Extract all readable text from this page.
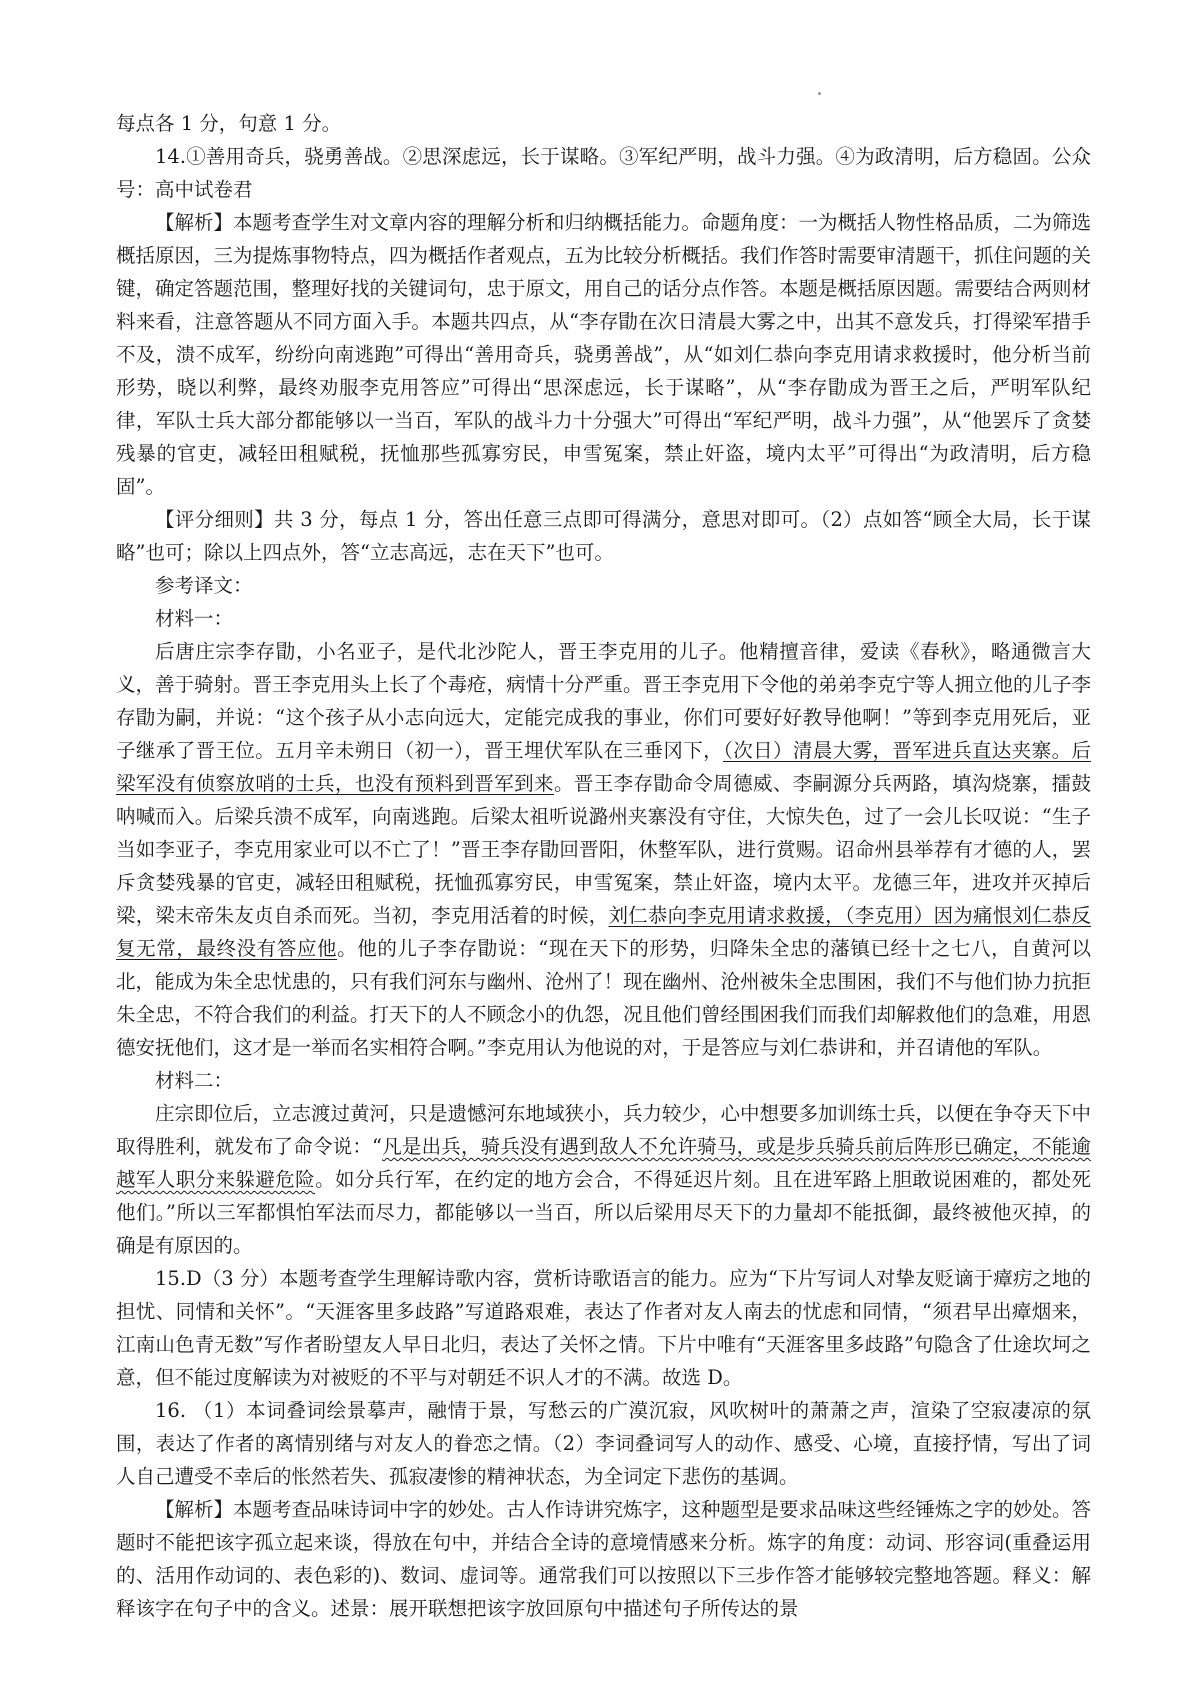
每点各 1 分，句意 1 分。

14.①善用奇兵，骁勇善战。②思深虑远，长于谋略。③军纪严明，战斗力强。④为政清明，后方稳固。公众号：高中试卷君

【解析】本题考查学生对文章内容的理解分析和归纳概括能力。命题角度：一为概括人物性格品质，二为筛选概括原因，三为提炼事物特点，四为概括作者观点，五为比较分析概括。我们作答时需要审清题干，抓住问题的关键，确定答题范围，整理好找的关键词句，忠于原文，用自己的话分点作答。本题是概括原因题。需要结合两则材料来看，注意答题从不同方面入手。本题共四点，从“李存勖在次日清晨大雾之中，出其不意发兵，打得梁军措手不及，溃不成军，纷纷向南逃跑”可得出“善用奇兵，骁勇善战”，从“如刘仁恭向李克用请求救援时，他分析当前形势，晓以利弊，最终劝服李克用答应”可得出“思深虑远，长于谋略”，从“李存勖成为晋王之后，严明军队纪律，军队士兵大部分都能够以一当百，军队的战斗力十分强大”可得出“军纪严明，战斗力强”，从“他罢斥了贪婪残暴的官吏，减轻田租赋税，抚恤那些孤寡穷民，申雪冤案，禁止奸盗，境内太平”可得出“为政清明，后方稳固”。

【评分细则】共 3 分，每点 1 分，答出任意三点即可得满分，意思对即可。（2）点如答“顾全大局，长于谋略”也可；除以上四点外，答“立志高远，志在天下”也可。

参考译文：

材料一：

后唐庄宗李存勖，小名亚子，是代北沙陀人，晋王李克用的儿子。他精擅音律，爱读《春秋》，略通微言大义，善于骑射。晋王李克用头上长了个毒疮，病情十分严重。晋王李克用下令他的弟弟李克宁等人拥立他的儿子李存勖为嗣，并说：“这个孩子从小志向远大，定能完成我的事业，你们可要好好教导他啊！”等到李克用死后，亚子继承了晋王位。五月辛未朔日（初一），晋王埋伏军队在三垂冈下，（次日）清晨大雾，晋军进兵直达夹寨。后梁军没有侦察放哨的士兵，也没有预料到晋军到来。晋王李存勖命令周德威、李嗣源分兵两路，填沟烧寨，擂鼓呐喊而入。后梁兵溃不成军，向南逃跑。后梁太祖听说潞州夹寨没有守住，大惊失色，过了一会儿长叹说：“生子当如李亚子，李克用家业可以不亡了！”晋王李存勖回晋阳，休整军队，进行赏赐。诏命州县举荐有才德的人，罢斥贪婪残暴的官吏，减轻田租赋税，抚恤孤寡穷民，申雪冤案，禁止奸盗，境内太平。龙德三年，进攻并灭掉后梁，梁末帝朱友贞自杀而死。当初，李克用活着的时候，刘仁恭向李克用请求救援，（李克用）因为痛恨刘仁恭反复无常，最终没有答应他。他的儿子李存勖说：“现在天下的形势，归降朱全忠的藩镇已经十之七八，自黄河以北，能成为朱全忠忧患的，只有我们河东与幽州、沧州了！现在幽州、沧州被朱全忠围困，我们不与他们协力抗拒朱全忠，不符合我们的利益。打天下的人不顾念小的仇怨，况且他们曾经围困我们而我们却解救他们的急难，用恩德安抚他们，这才是一举而名实相符合啊。”李克用认为他说的对，于是答应与刘仁恭讲和，并召请他的军队。

材料二：

庄宗即位后，立志渡过黄河，只是遗憾河东地域狭小，兵力较少，心中想要多加训练士兵，以便在争夺天下中取得胜利，就发布了命令说：“凡是出兵，骑兵没有遇到敌人不允许骑马，或是步兵骑兵前后阵形已确定，不能逾越军人职分来躲避危险。如分兵行军，在约定的地方会合，不得延迟片刻。且在进军路上胆敢说困难的，都处死他们。”所以三军都惧怕军法而尽力，都能够以一当百，所以后梁用尽天下的力量却不能抵御，最终被他灭掉，的确是有原因的。

15.D（3 分）本题考查学生理解诗歌内容，赏析诗歌语言的能力。应为“下片写词人对挚友贬谪于瘴疠之地的担忧、同情和关怀”。“天涯客里多歧路”写道路艰难，表达了作者对友人南去的忧虑和同情，“须君早出瘴烟来，江南山色青无数”写作者盼望友人早日北归，表达了关怀之情。下片中唯有“天涯客里多歧路”句隐含了仕途坎坷之意，但不能过度解读为对被贬的不平与对朝廷不识人才的不满。故选 D。

16. （1）本词叠词绘景摹声，融情于景，写愁云的广漠沉寂，风吹树叶的萧萧之声，渲染了空寂凄凉的氛围，表达了作者的离情别绪与对友人的眷恋之情。（2）李词叠词写人的动作、感受、心境，直接抒情，写出了词人自己遭受不幸后的怅然若失、孤寂凄惨的精神状态，为全词定下悲伤的基调。

【解析】本题考查品味诗词中字的妙处。古人作诗讲究炼字，这种题型是要求品味这些经锤炼之字的妙处。答题时不能把该字孤立起来谈，得放在句中，并结合全诗的意境情感来分析。炼字的角度：动词、形容词(重叠运用的、活用作动词的、表色彩的)、数词、虚词等。通常我们可以按照以下三步作答才能够较完整地答题。释义：解释该字在句子中的含义。述景：展开联想把该字放回原句中描述句子所传达的景
